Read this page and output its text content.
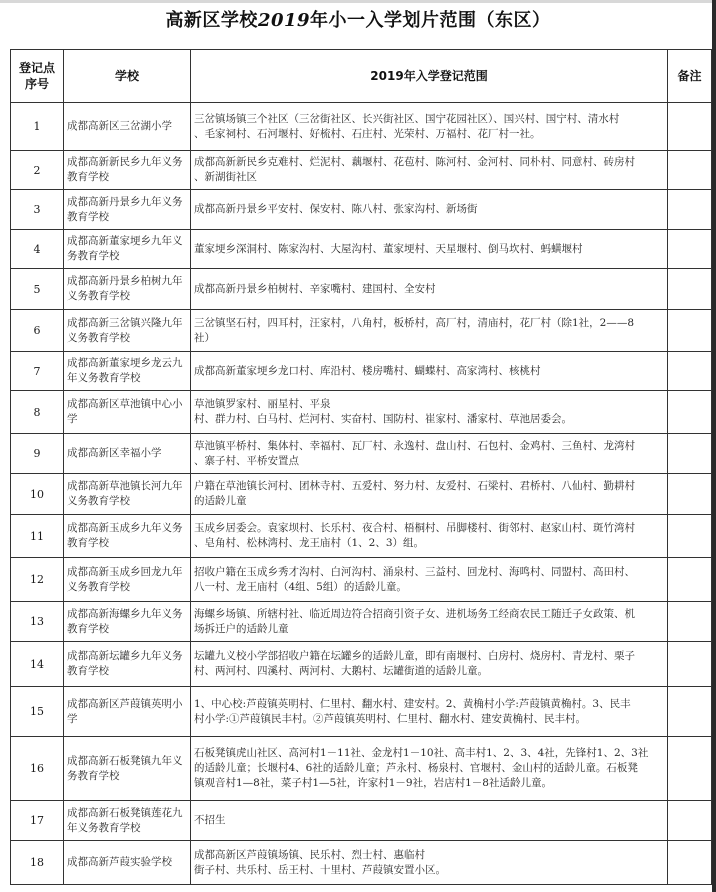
高新区学校2019年小一入学划片范围（东区）
登记点
序号	学校	2019年入学登记范围	备注
1	成都高新区三岔湖小学	三岔镇场镇三个社区（三岔街社区、长兴街社区、国宁花园社区）、国兴村、国宁村、清水村
、毛家祠村、石河堰村、好梳村、石庄村、光荣村、万福村、花厂村一社。	

2	成都高新新民乡九年义务教育学校	成都高新新民乡克难村、烂泥村、藕堰村、花苞村、陈河村、金河村、同朴村、同意村、砖房村
、新湖街社区	

3	成都高新丹景乡九年义务教育学校	成都高新丹景乡平安村、保安村、陈八村、张家沟村、新场街	

4	成都高新董家埂乡九年义务教育学校	董家埂乡深洞村、陈家沟村、大屋沟村、董家埂村、天星堰村、倒马坎村、蚂蟥堰村	

5	成都高新丹景乡柏树九年义务教育学校	成都高新丹景乡柏树村、辛家嘴村、建国村、全安村	

6	成都高新三岔镇兴隆九年义务教育学校	三岔镇坚石村，四耳村，汪家村，八角村，板桥村，高厂村，清庙村，花厂村（除1社，2——8
社）	

7	成都高新董家埂乡龙云九年义务教育学校	成都高新董家埂乡龙口村、库沿村、楼房嘴村、蝴蝶村、高家湾村、核桃村	

8	成都高新区草池镇中心小学	草池镇罗家村、丽星村、平泉
村、群力村、白马村、烂河村、实奋村、国防村、崔家村、潘家村、草池居委会。	

9	成都高新区幸福小学	草池镇平桥村、集体村、幸福村、瓦厂村、永逸村、盘山村、石包村、金鸡村、三鱼村、龙湾村
、寨子村、平桥安置点	

10	成都高新草池镇长河九年义务教育学校	户籍在草池镇长河村、团林寺村、五爱村、努力村、友爱村、石梁村、君桥村、八仙村、勤耕村
的适龄儿童	

11	成都高新玉成乡九年义务教育学校	玉成乡居委会。袁家坝村、长乐村、夜合村、梧桐村、吊脚楼村、街邻村、赵家山村、斑竹湾村
、皂角村、松林湾村、龙王庙村（1、2、3）组。	

12	成都高新玉成乡回龙九年义务教育学校	招收户籍在玉成乡秀才沟村、白河沟村、涌泉村、三益村、回龙村、海鸣村、同盟村、高田村、
八一村、龙王庙村（4组、5组）的适龄儿童。	

13	成都高新海螺乡九年义务教育学校	海螺乡场镇、所辖村社、临近周边符合招商引资子女、进机场务工经商农民工随迁子女政策、机
场拆迁户的适龄儿童	

14	成都高新坛罐乡九年义务教育学校	坛罐九义校小学部招收户籍在坛罐乡的适龄儿童，即有南堰村、白房村、烧房村、青龙村、栗子
村、两河村、四溪村、两河村、大鹅村、坛罐街道的适龄儿童。	

15	成都高新区芦葭镇英明小学	1、中心校:芦葭镇英明村、仁里村、翻水村、建安村。2、黄桷村小学:芦葭镇黄桷村。3、民丰
村小学:①芦葭镇民丰村。②芦葭镇英明村、仁里村、翻水村、建安黄桷村、民丰村。	

16	成都高新石板凳镇九年义务教育学校	石板凳镇虎山社区、高河村1－11社、金龙村1－10社、高丰村1、2、3、4社，先锋村1、2、3社
的适龄儿童；长堰村4、6社的适龄儿童；芦永村、杨泉村、官堰村、金山村的适龄儿童。石板凳
镇观音村1—8社，菜子村1—5社，许家村1－9社，岩店村1－8社适龄儿童。	

17	成都高新石板凳镇莲花九年义务教育学校	不招生	

18	成都高新芦葭实验学校	成都高新区芦葭镇场镇、民乐村、烈士村、惠临村
街子村、共乐村、岳王村、十里村、芦葭镇安置小区。	
